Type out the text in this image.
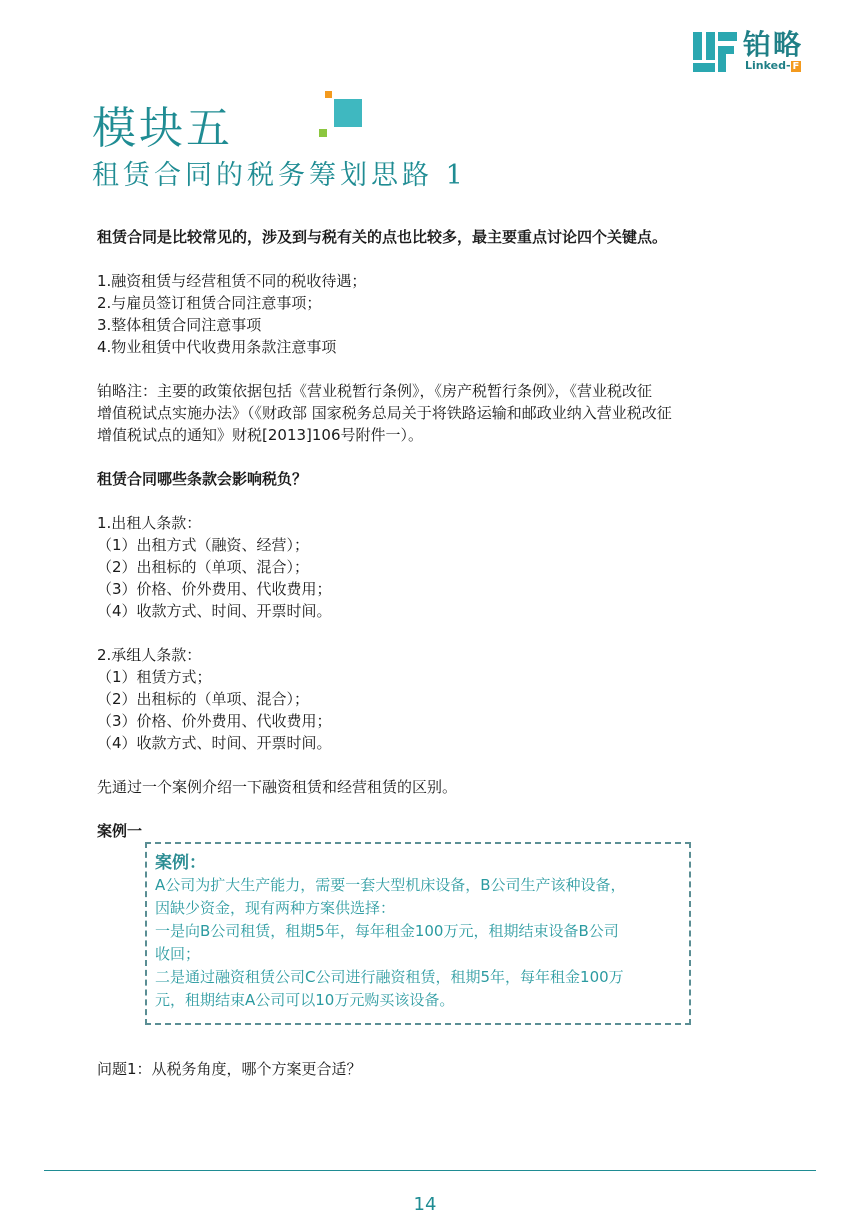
铂略
Linked- F
模块五
租赁合同的税务筹划思路 1

租赁合同是比较常见的，涉及到与税有关的点也比较多，最主要重点讨论四个关键点。

1.融资租赁与经营租赁不同的税收待遇；

2.与雇员签订租赁合同注意事项；

3.整体租赁合同注意事项

4.物业租赁中代收费用条款注意事项

铂略注：主要的政策依据包括《营业税暂行条例》，《房产税暂行条例》，《营业税改征

增值税试点实施办法》（《财政部 国家税务总局关于将铁路运输和邮政业纳入营业税改征

增值税试点的通知》财税[2013]106号附件一）。

租赁合同哪些条款会影响税负？

1.出租人条款：

（1）出租方式（融资、经营）；

（2）出租标的（单项、混合）；

（3）价格、价外费用、代收费用；

（4）收款方式、时间、开票时间。

2.承组人条款：

（1）租赁方式；

（2）出租标的（单项、混合）；

（3）价格、价外费用、代收费用；

（4）收款方式、时间、开票时间。

先通过一个案例介绍一下融资租赁和经营租赁的区别。

案例一

案例：

A公司为扩大生产能力，需要一套大型机床设备，B公司生产该种设备，

因缺少资金，现有两种方案供选择：

一是向B公司租赁，租期5年，每年租金100万元，租期结束设备B公司

收回；

二是通过融资租赁公司C公司进行融资租赁，租期5年，每年租金100万

元，租期结束A公司可以10万元购买该设备。

问题1：从税务角度，哪个方案更合适？
14
